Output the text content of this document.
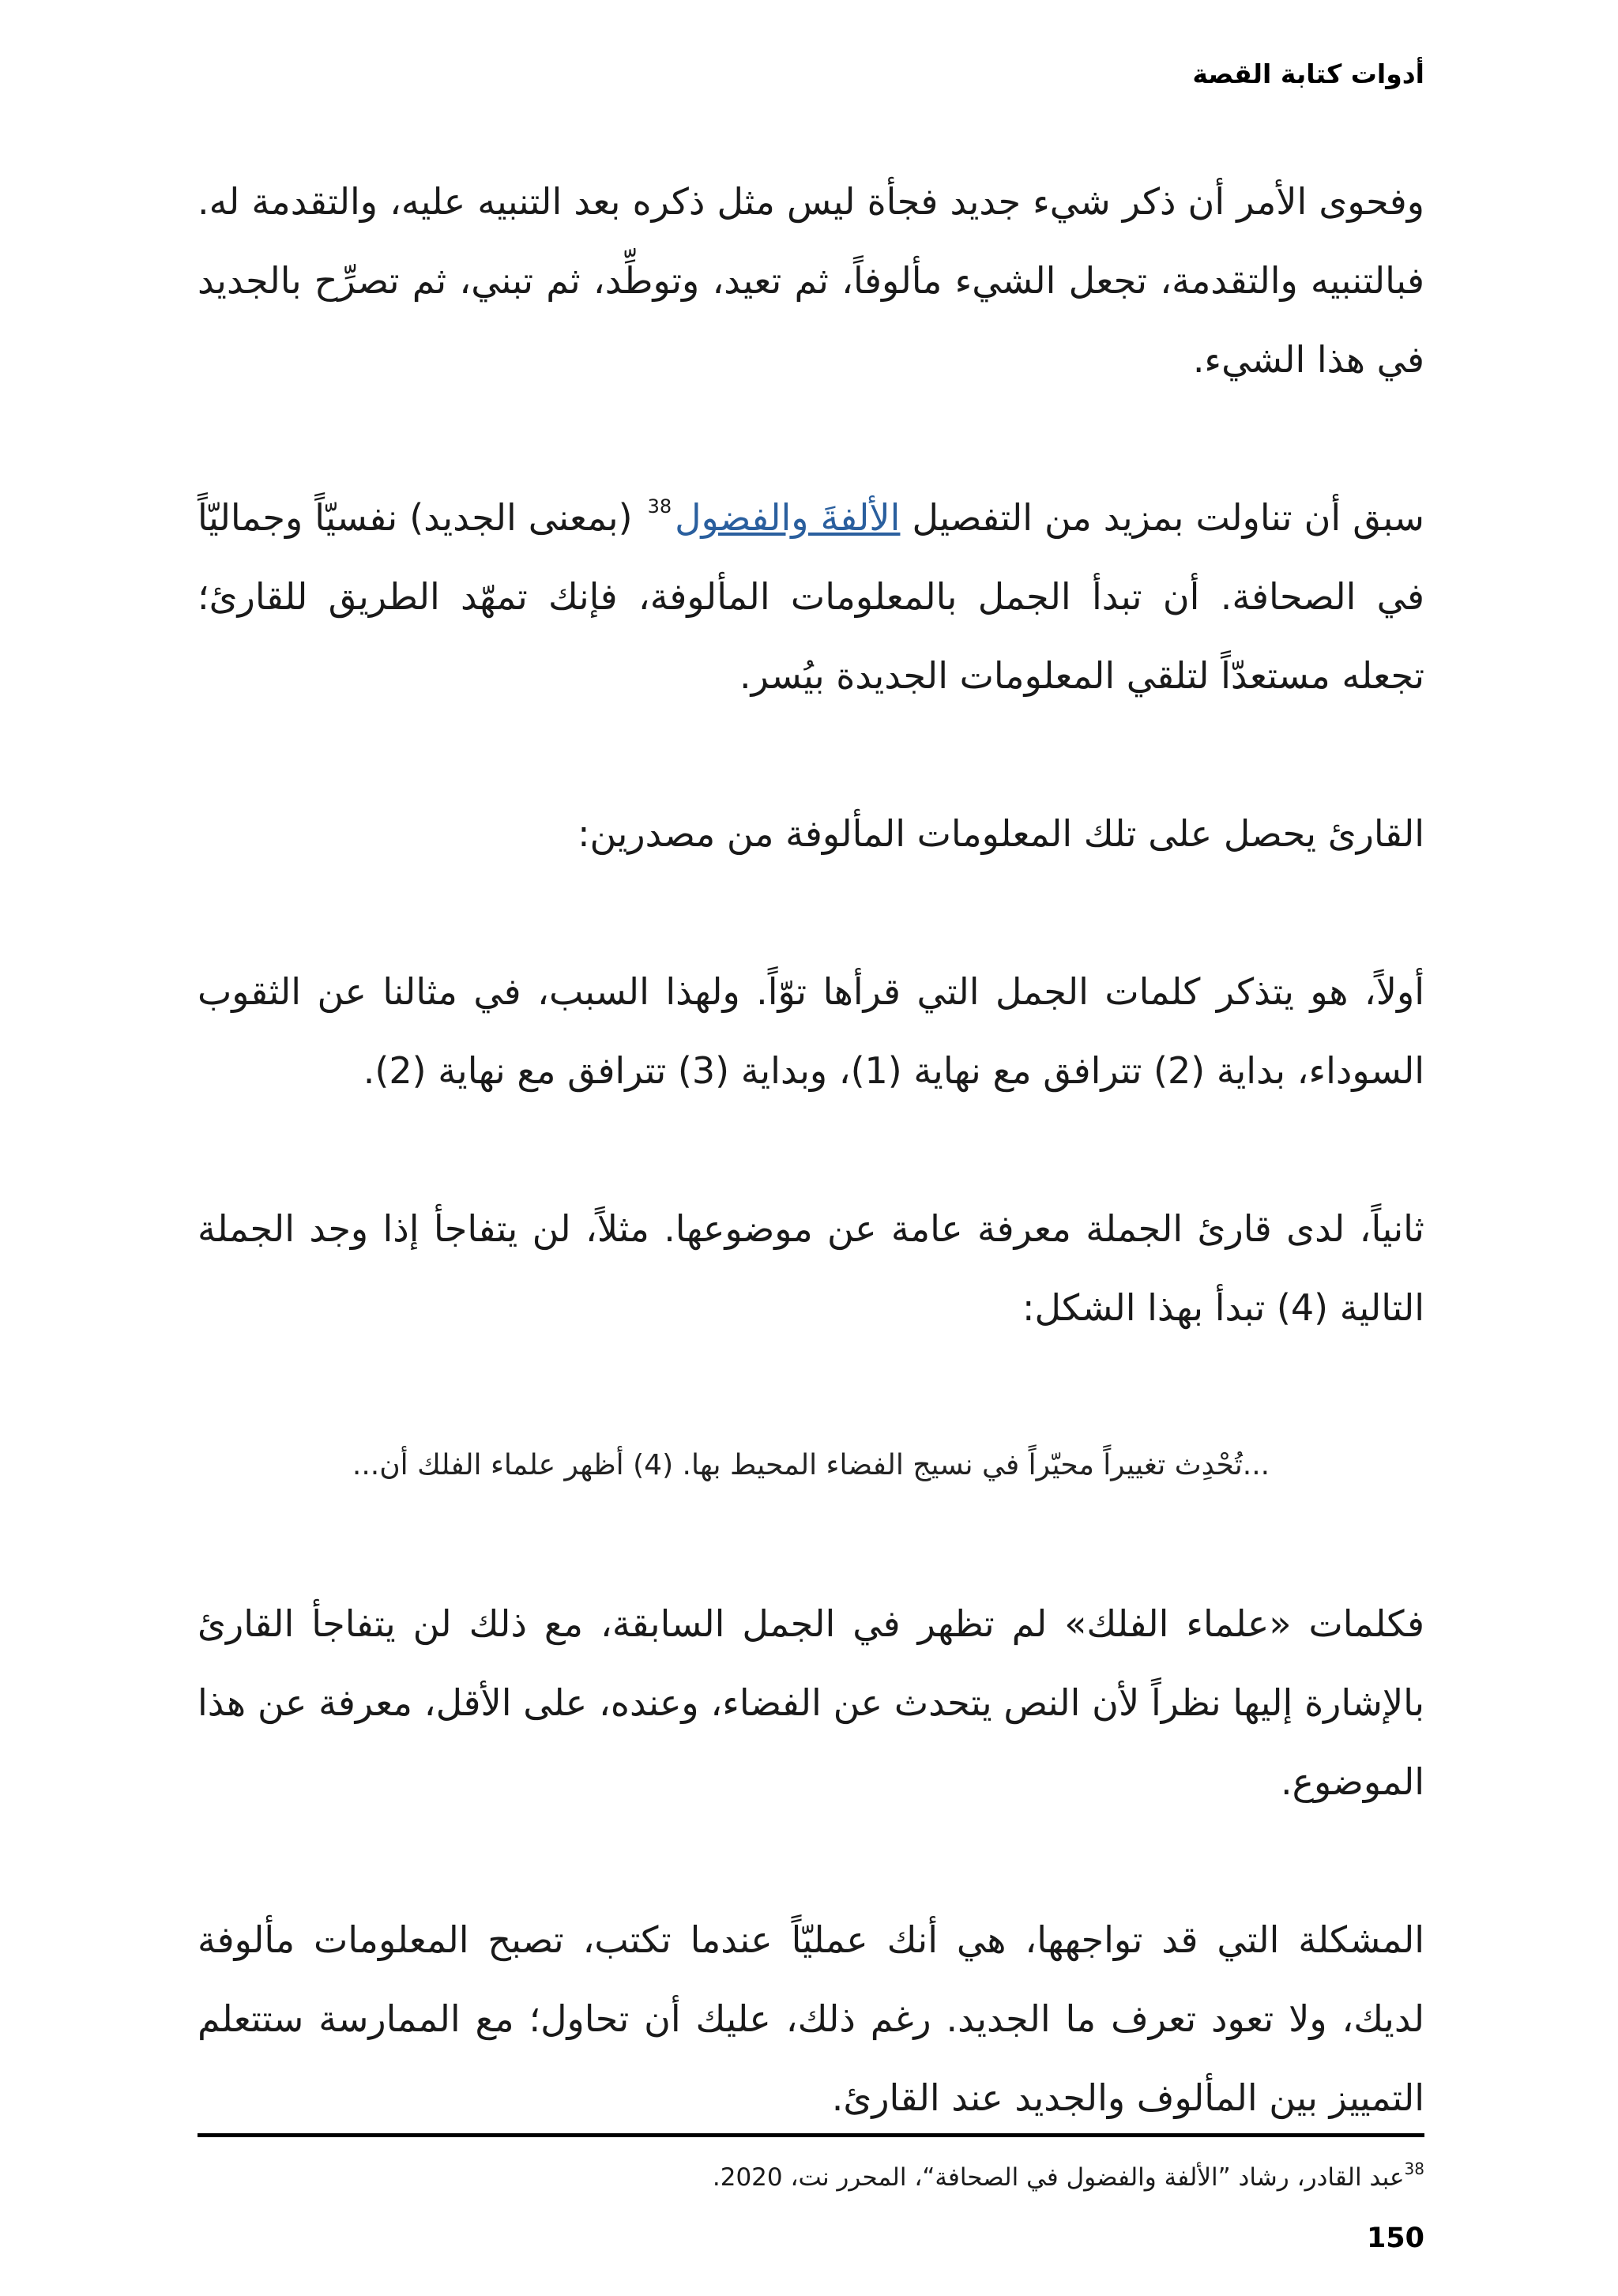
أدوات كتابة القصة

وفحوى الأمر أن ذكر شيء جديد فجأة ليس مثل ذكره بعد التنبيه عليه، والتقدمة له. فبالتنبيه والتقدمة، تجعل الشيء مألوفاً، ثم تعيد، وتوطِّد، ثم تبني، ثم تصرِّح بالجديد في هذا الشيء.

سبق أن تناولت بمزيد من التفصيل الألفةَ والفضول$^{38}$ (بمعنى الجديد) نفسيّاً وجماليّاً في الصحافة. أن تبدأ الجمل بالمعلومات المألوفة، فإنك تمهّد الطريق للقارئ؛ تجعله مستعدّاً لتلقي المعلومات الجديدة بيُسر.

القارئ يحصل على تلك المعلومات المألوفة من مصدرين:

أولاً، هو يتذكر كلمات الجمل التي قرأها توّاً. ولهذا السبب، في مثالنا عن الثقوب السوداء، بداية (2) تترافق مع نهاية (1)، وبداية (3) تترافق مع نهاية (2).

ثانياً، لدى قارئ الجملة معرفة عامة عن موضوعها. مثلاً، لن يتفاجأ إذا وجد الجملة التالية (4) تبدأ بهذا الشكل:

...تُحْدِث تغييراً محيّراً في نسيج الفضاء المحيط بها. (4) أظهر علماء الفلك أن...

فكلمات «علماء الفلك» لم تظهر في الجمل السابقة، مع ذلك لن يتفاجأ القارئ بالإشارة إليها نظراً لأن النص يتحدث عن الفضاء، وعنده، على الأقل، معرفة عن هذا الموضوع.

المشكلة التي قد تواجهها، هي أنك عمليّاً عندما تكتب، تصبح المعلومات مألوفة لديك، ولا تعود تعرف ما الجديد. رغم ذلك، عليك أن تحاول؛ مع الممارسة ستتعلم التمييز بين المألوف والجديد عند القارئ.

$^{38}$عبد القادر، رشاد ”الألفة والفضول في الصحافة“، المحرر نت، 2020.
150
